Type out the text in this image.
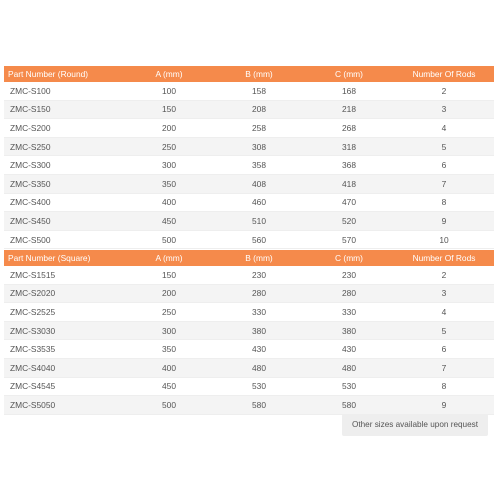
Part Number (Round)	A (mm)	B (mm)	C (mm)	Number Of Rods
ZMC-S100	100	158	168	2
ZMC-S150	150	208	218	3
ZMC-S200	200	258	268	4
ZMC-S250	250	308	318	5
ZMC-S300	300	358	368	6
ZMC-S350	350	408	418	7
ZMC-S400	400	460	470	8
ZMC-S450	450	510	520	9
ZMC-S500	500	560	570	10
Part Number (Square)	A (mm)	B (mm)	C (mm)	Number Of Rods
ZMC-S1515	150	230	230	2
ZMC-S2020	200	280	280	3
ZMC-S2525	250	330	330	4
ZMC-S3030	300	380	380	5
ZMC-S3535	350	430	430	6
ZMC-S4040	400	480	480	7
ZMC-S4545	450	530	530	8
ZMC-S5050	500	580	580	9
Other sizes available upon request
